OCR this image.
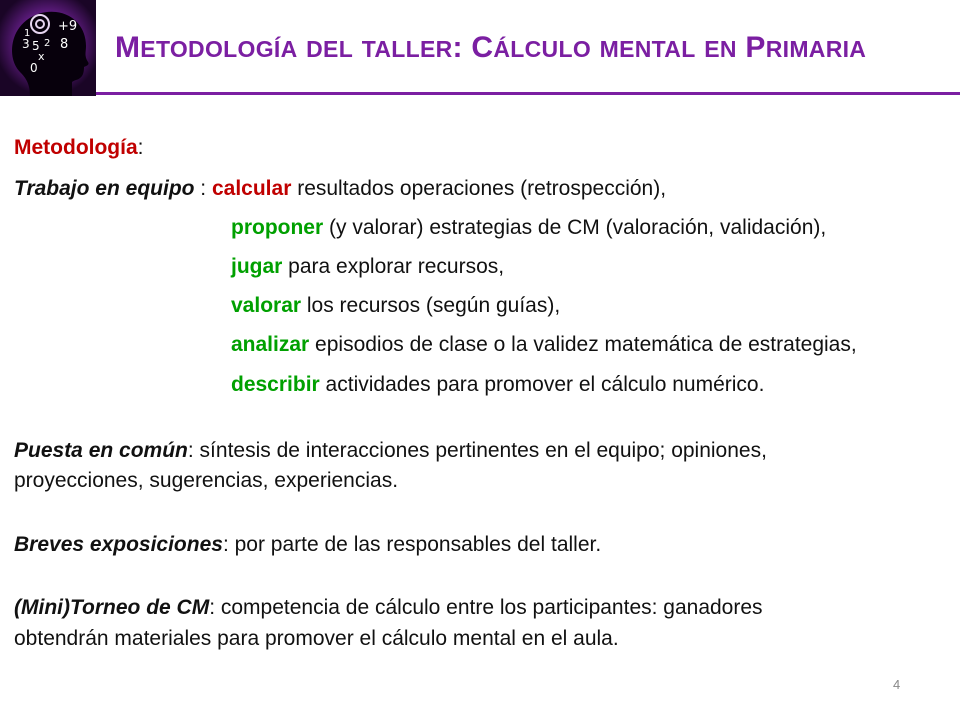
+9
8
3 5 2
x
0
1	METODOLOGÍA DEL TALLER: CÁLCULO MENTAL EN PRIMARIA
Metodología:
Trabajo en equipo : calcular resultados operaciones (retrospección),
proponer (y valorar) estrategias de CM (valoración, validación),
jugar para explorar recursos,
valorar los recursos (según guías),
analizar episodios de clase o la validez matemática de estrategias,
describir actividades para promover el cálculo numérico.
Puesta en común: síntesis de interacciones pertinentes en el equipo; opiniones,
proyecciones, sugerencias, experiencias.
Breves exposiciones: por parte de las responsables del taller.
(Mini)Torneo de CM: competencia de cálculo entre los participantes: ganadores
obtendrán materiales para promover el cálculo mental en el aula.
4
